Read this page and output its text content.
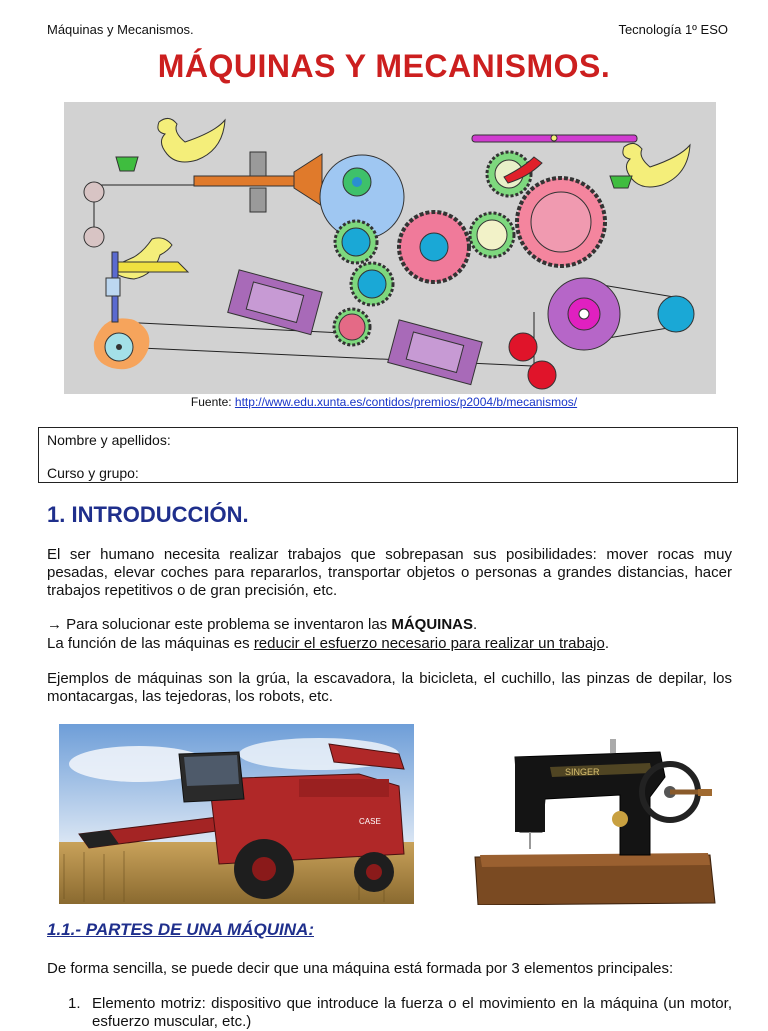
Máquinas y Mecanismos.	Tecnología 1º ESO
MÁQUINAS Y MECANISMOS.
Fuente: http://www.edu.xunta.es/contidos/premios/p2004/b/mecanismos/
Nombre y apellidos:
Curso y grupo:
1. INTRODUCCIÓN.
El ser humano necesita realizar trabajos que sobrepasan sus posibilidades: mover rocas muy pesadas, elevar coches para repararlos, transportar objetos o personas a grandes distancias, hacer trabajos repetitivos o de gran precisión, etc.
→ Para solucionar este problema se inventaron las MÁQUINAS.
La función de las máquinas es reducir el esfuerzo necesario para realizar un trabajo.
Ejemplos de máquinas son la grúa, la escavadora, la bicicleta, el cuchillo, las pinzas de depilar, los montacargas, las tejedoras, los robots, etc.
CASE
SINGER
1.1.- PARTES DE UNA MÁQUINA:
De forma sencilla, se puede decir que una máquina está formada por 3 elementos principales:
1. Elemento motriz: dispositivo que introduce la fuerza o el movimiento en la máquina (un motor, esfuerzo muscular, etc.)
